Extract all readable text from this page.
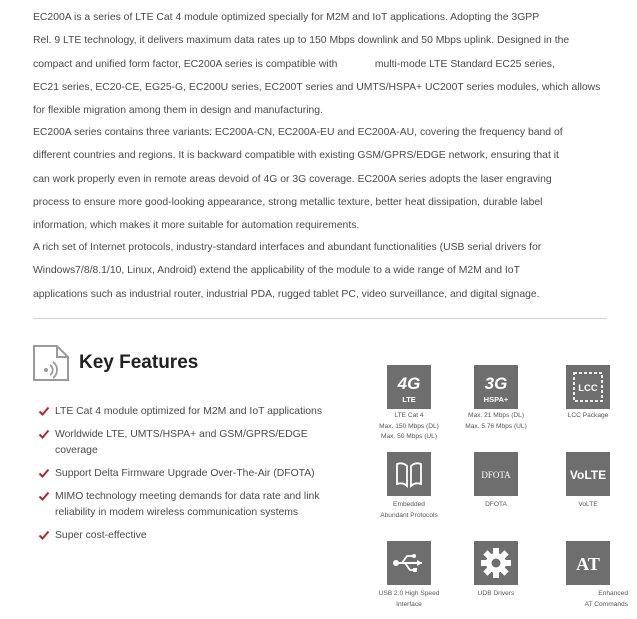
EC200A is a series of LTE Cat 4 module optimized specially for M2M and IoT applications. Adopting the 3GPP
Rel. 9 LTE technology, it delivers maximum data rates up to 150 Mbps downlink and 50 Mbps uplink. Designed in the
compact and unified form factor, EC200A series is compatible with             multi-mode LTE Standard EC25 series,
EC21 series, EC20-CE, EG25-G, EC200U series, EC200T series and UMTS/HSPA+ UC200T series modules, which allows
for flexible migration among them in design and manufacturing.

EC200A series contains three variants: EC200A-CN, EC200A-EU and EC200A-AU, covering the frequency band of
different countries and regions. It is backward compatible with existing GSM/GPRS/EDGE network, ensuring that it
can work properly even in remote areas devoid of 4G or 3G coverage. EC200A series adopts the laser engraving
process to ensure more good-looking appearance, strong metallic texture, better heat dissipation, durable label
information, which makes it more suitable for automation requirements.

A rich set of Internet protocols, industry-standard interfaces and abundant functionalities (USB serial drivers for
Windows7/8/8.1/10, Linux, Android) extend the applicability of the module to a wide range of M2M and IoT
applications such as industrial router, industrial PDA, rugged tablet PC, video surveillance, and digital signage.

Key Features
LTE Cat 4 module optimized for M2M and IoT applications
Worldwide LTE, UMTS/HSPA+ and GSM/GPRS/EDGE
coverage
Support Delta Firmware Upgrade Over-The-Air (DFOTA)
MIMO technology meeting demands for data rate and link
reliability in modem wireless communication systems
Super cost-effective
4G
LTE
LTE Cat 4
Max. 150 Mbps (DL)
Max. 50 Mbps (UL)
3G
HSPA+
Max. 21 Mbps (DL)
Max. 5.76 Mbps (UL)
LCC
LCC Package
Embedded
Abundant Protocols
DFOTA
DFOTA
VoLTE
VoLTE
USB 2.0 High Speed
Interface
UDB Drivers
AT
Enhanced
AT Commands
